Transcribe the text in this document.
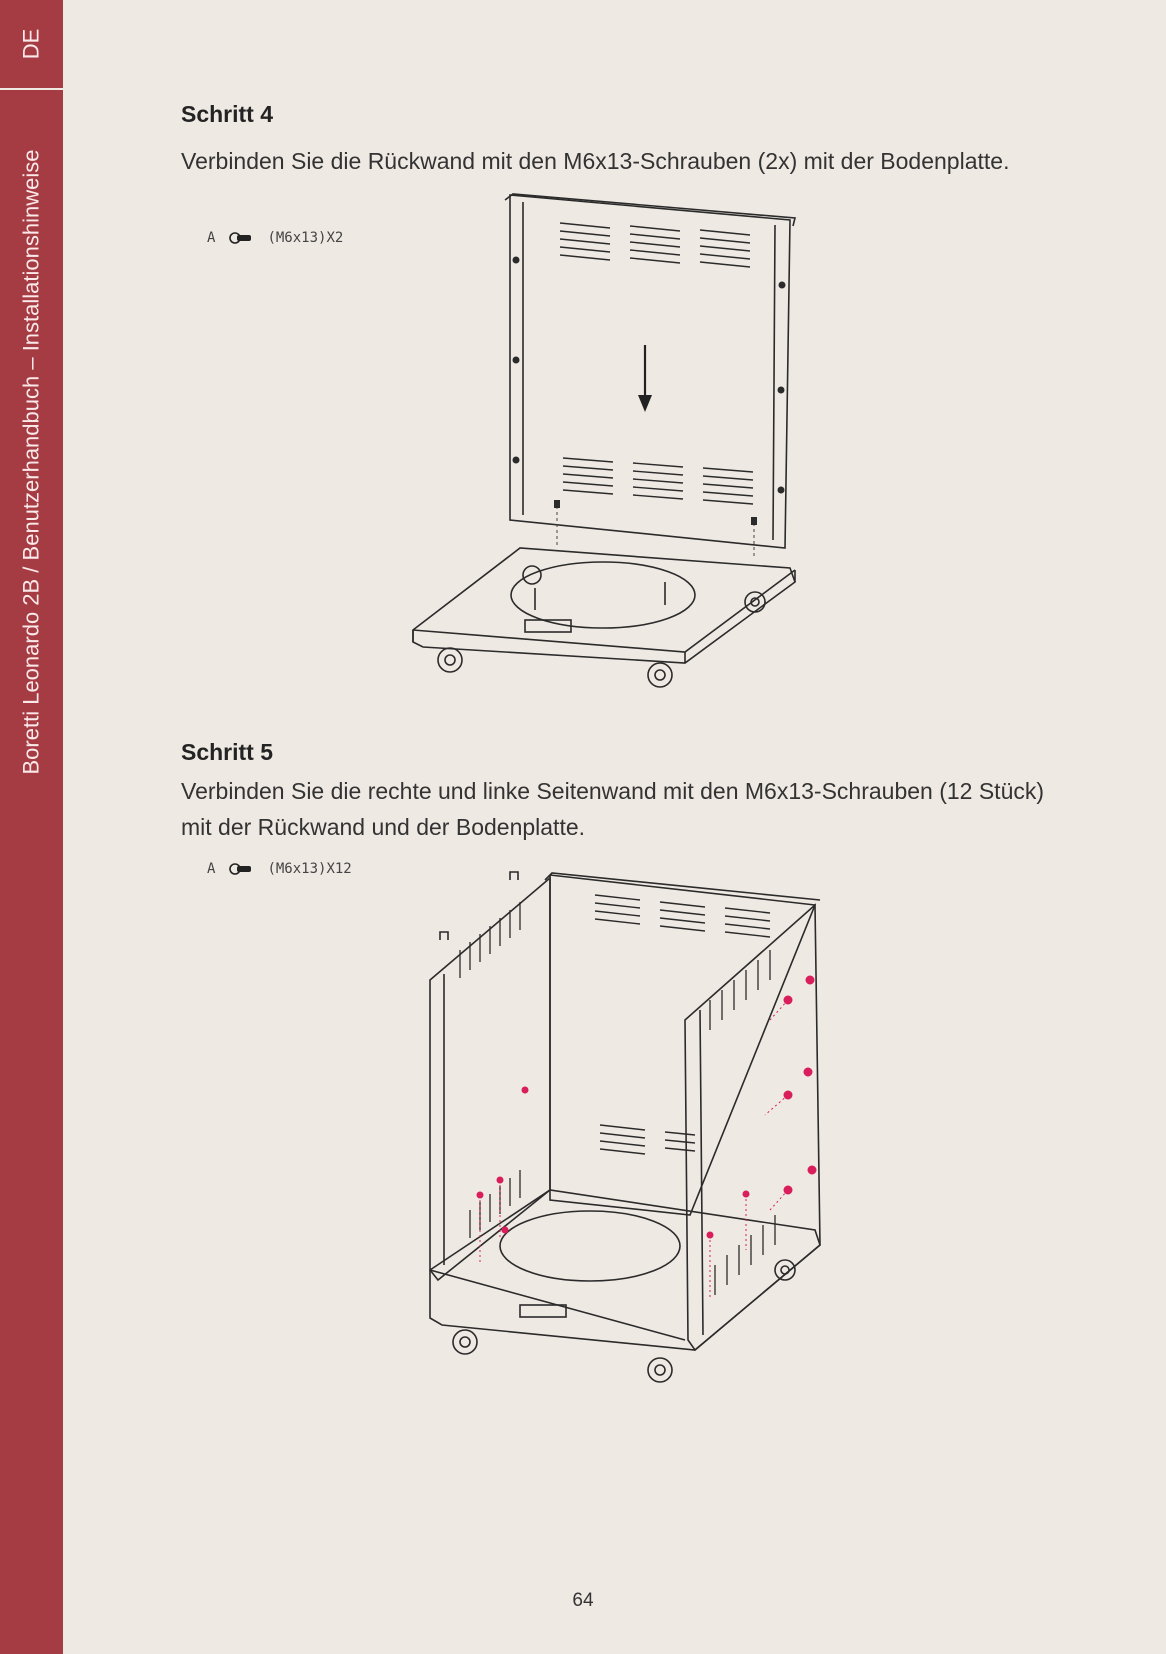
DE
Boretti Leonardo 2B / Benutzerhandbuch – Installationshinweise
Schritt 4
Verbinden Sie die Rückwand mit den M6x13-Schrauben (2x) mit der Bodenplatte.
A	(M6x13)X2
Schritt 5
Verbinden Sie die rechte und linke Seitenwand mit den M6x13-Schrauben (12 Stück)
mit der Rückwand und der Bodenplatte.
A	(M6x13)X12
64
